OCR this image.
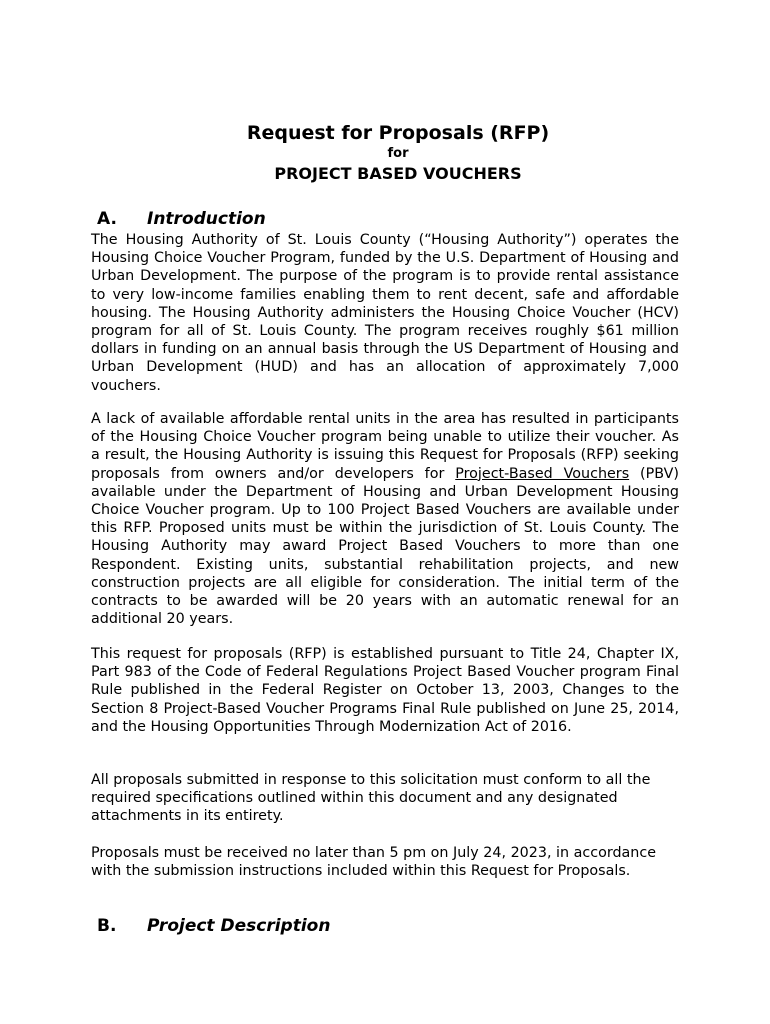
Request for Proposals (RFP)
for
PROJECT BASED VOUCHERS
A. Introduction

The Housing Authority of St. Louis County (“Housing Authority”) operates the Housing Choice Voucher Program, funded by the U.S. Department of Housing and Urban Development. The purpose of the program is to provide rental assistance to very low-income families enabling them to rent decent, safe and affordable housing. The Housing Authority administers the Housing Choice Voucher (HCV) program for all of St. Louis County. The program receives roughly $61 million dollars in funding on an annual basis through the US Department of Housing and Urban Development (HUD) and has an allocation of approximately 7,000 vouchers.

A lack of available affordable rental units in the area has resulted in participants of the Housing Choice Voucher program being unable to utilize their voucher. As a result, the Housing Authority is issuing this Request for Proposals (RFP) seeking proposals from owners and/or developers for Project-Based Vouchers (PBV) available under the Department of Housing and Urban Development Housing Choice Voucher program. Up to 100 Project Based Vouchers are available under this RFP. Proposed units must be within the jurisdiction of St. Louis County. The Housing Authority may award Project Based Vouchers to more than one Respondent. Existing units, substantial rehabilitation projects, and new construction projects are all eligible for consideration. The initial term of the contracts to be awarded will be 20 years with an automatic renewal for an additional 20 years.

This request for proposals (RFP) is established pursuant to Title 24, Chapter IX, Part 983 of the Code of Federal Regulations Project Based Voucher program Final Rule published in the Federal Register on October 13, 2003, Changes to the Section 8 Project-Based Voucher Programs Final Rule published on June 25, 2014, and the Housing Opportunities Through Modernization Act of 2016.

All proposals submitted in response to this solicitation must conform to all the required specifications outlined within this document and any designated attachments in its entirety.

Proposals must be received no later than 5 pm on July 24, 2023, in accordance with the submission instructions included within this Request for Proposals.

B. Project Description
